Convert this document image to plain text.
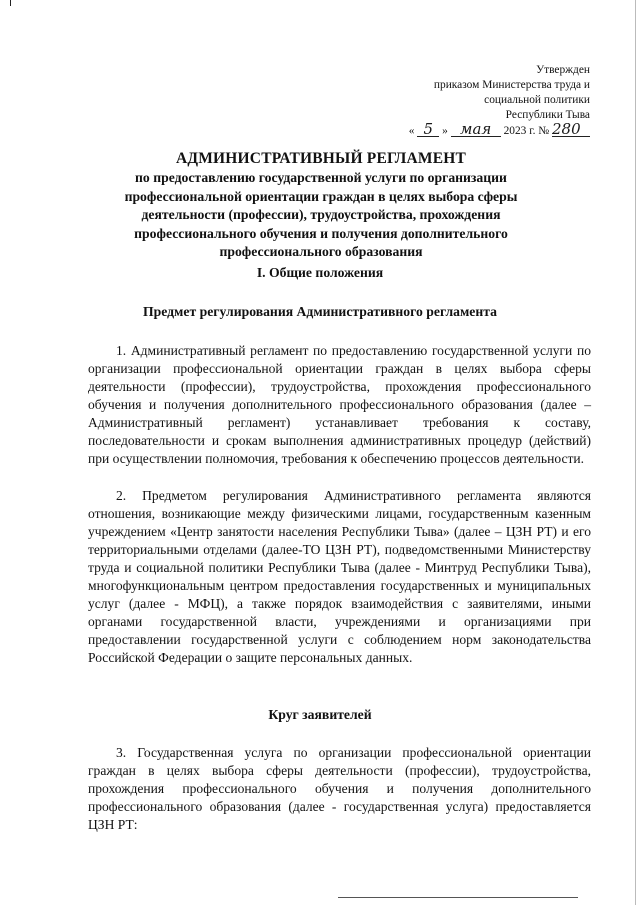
Утвержден
приказом Министерства труда и
социальной политики
Республики Тыва
« 5 » мая 2023 г. № 280
АДМИНИСТРАТИВНЫЙ РЕГЛАМЕНТ
по предоставлению государственной услуги по организации
профессиональной ориентации граждан в целях выбора сферы
деятельности (профессии), трудоустройства, прохождения
профессионального обучения и получения дополнительного
профессионального образования
I. Общие положения
Предмет регулирования Административного регламента

1. Административный регламент по предоставлению государственной услуги по организации профессиональной ориентации граждан в целях выбора сферы деятельности (профессии), трудоустройства, прохождения профессионального обучения и получения дополнительного профессионального образования (далее – Административный регламент) устанавливает требования к составу, последовательности и срокам выполнения административных процедур (действий) при осуществлении полномочия, требования к обеспечению процессов деятельности.

2. Предметом регулирования Административного регламента являются отношения, возникающие между физическими лицами, государственным казенным учреждением «Центр занятости населения Республики Тыва» (далее – ЦЗН РТ) и его территориальными отделами (далее-ТО ЦЗН РТ), подведомственными Министерству труда и социальной политики Республики Тыва (далее - Минтруд Республики Тыва), многофункциональным центром предоставления государственных и муниципальных услуг (далее - МФЦ), а также порядок взаимодействия с заявителями, иными органами государственной власти, учреждениями и организациями при предоставлении государственной услуги с соблюдением норм законодательства Российской Федерации о защите персональных данных.

Круг заявителей

3. Государственная услуга по организации профессиональной ориентации граждан в целях выбора сферы деятельности (профессии), трудоустройства, прохождения профессионального обучения и получения дополнительного профессионального образования (далее - государственная услуга) предоставляется ЦЗН РТ:
